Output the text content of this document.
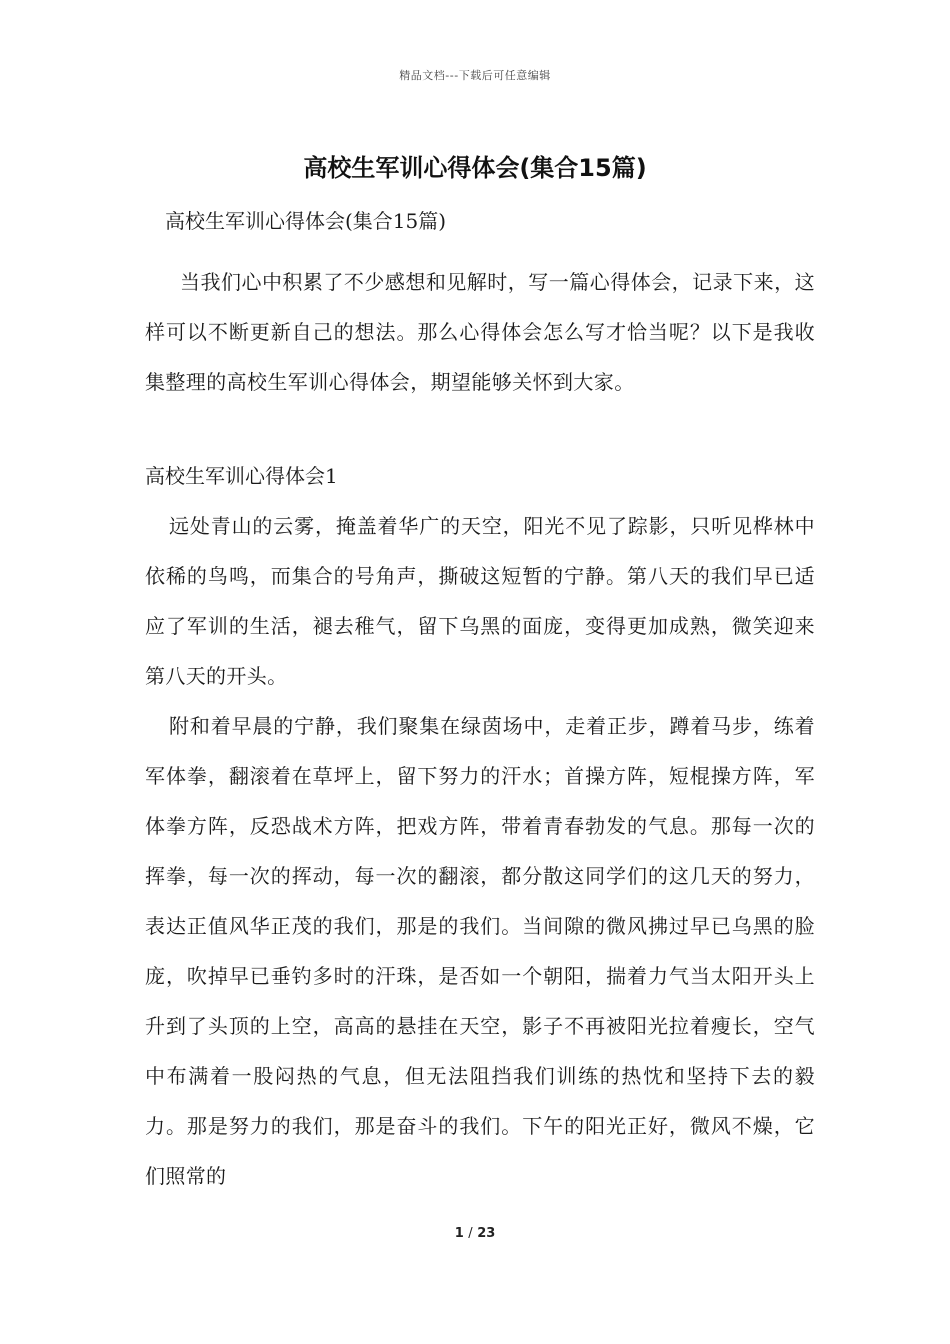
精品文档---下载后可任意编辑
高校生军训心得体会(集合15篇)
高校生军训心得体会(集合15篇)

当我们心中积累了不少感想和见解时，写一篇心得体会，记录下来，这样可以不断更新自己的想法。那么心得体会怎么写才恰当呢？以下是我收集整理的高校生军训心得体会，期望能够关怀到大家。

高校生军训心得体会1

远处青山的云雾，掩盖着华广的天空，阳光不见了踪影，只听见桦林中依稀的鸟鸣，而集合的号角声，撕破这短暂的宁静。第八天的我们早已适应了军训的生活，褪去稚气，留下乌黑的面庞，变得更加成熟，微笑迎来第八天的开头。

附和着早晨的宁静，我们聚集在绿茵场中，走着正步，蹲着马步，练着军体拳，翻滚着在草坪上，留下努力的汗水；首操方阵，短棍操方阵，军体拳方阵，反恐战术方阵，把戏方阵，带着青春勃发的气息。那每一次的挥拳，每一次的挥动，每一次的翻滚，都分散这同学们的这几天的努力，表达正值风华正茂的我们，那是的我们。当间隙的微风拂过早已乌黑的脸庞，吹掉早已垂钓多时的汗珠，是否如一个朝阳，揣着力气当太阳开头上升到了头顶的上空，高高的悬挂在天空，影子不再被阳光拉着瘦长，空气中布满着一股闷热的气息，但无法阻挡我们训练的热忱和坚持下去的毅力。那是努力的我们，那是奋斗的我们。下午的阳光正好，微风不燥，它们照常的

1 / 23
